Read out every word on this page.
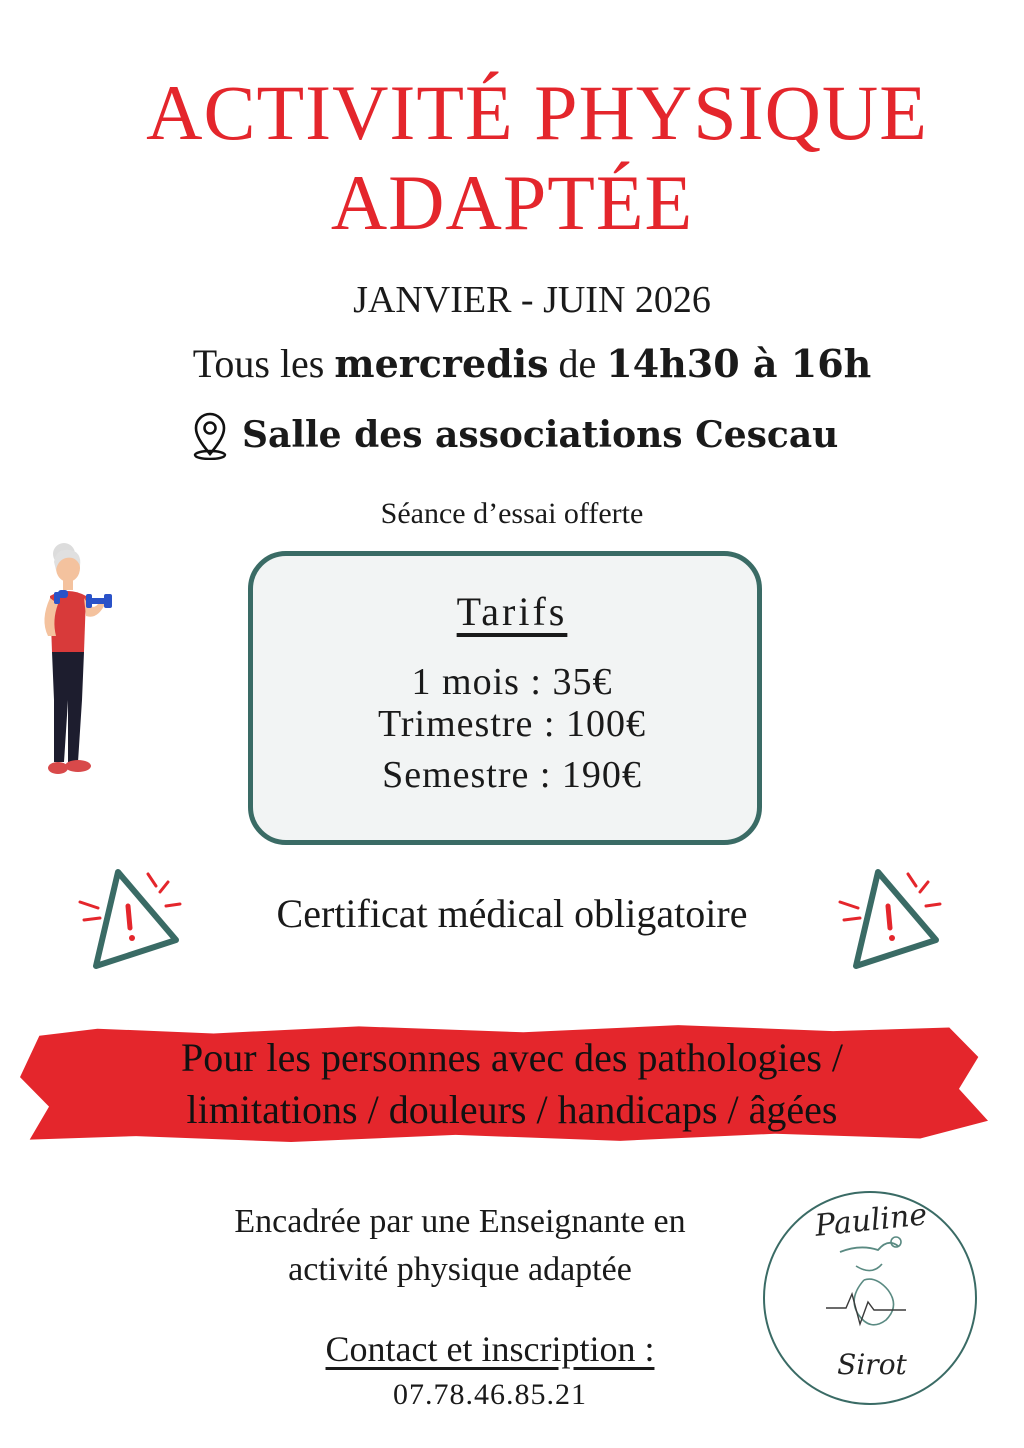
ACTIVITÉ PHYSIQUE
ADAPTÉE
JANVIER - JUIN 2026
Tous les mercredis de 14h30 à 16h
Salle des associations Cescau
Séance d’essai offerte
Tarifs
1 mois : 35€
Trimestre : 100€
Semestre : 190€
Certificat médical obligatoire
Pour les personnes avec des pathologies /
limitations / douleurs / handicaps / âgées
Encadrée par une Enseignante en
activité physique adaptée
Contact et inscription :
07.78.46.85.21
Pauline
Sirot
